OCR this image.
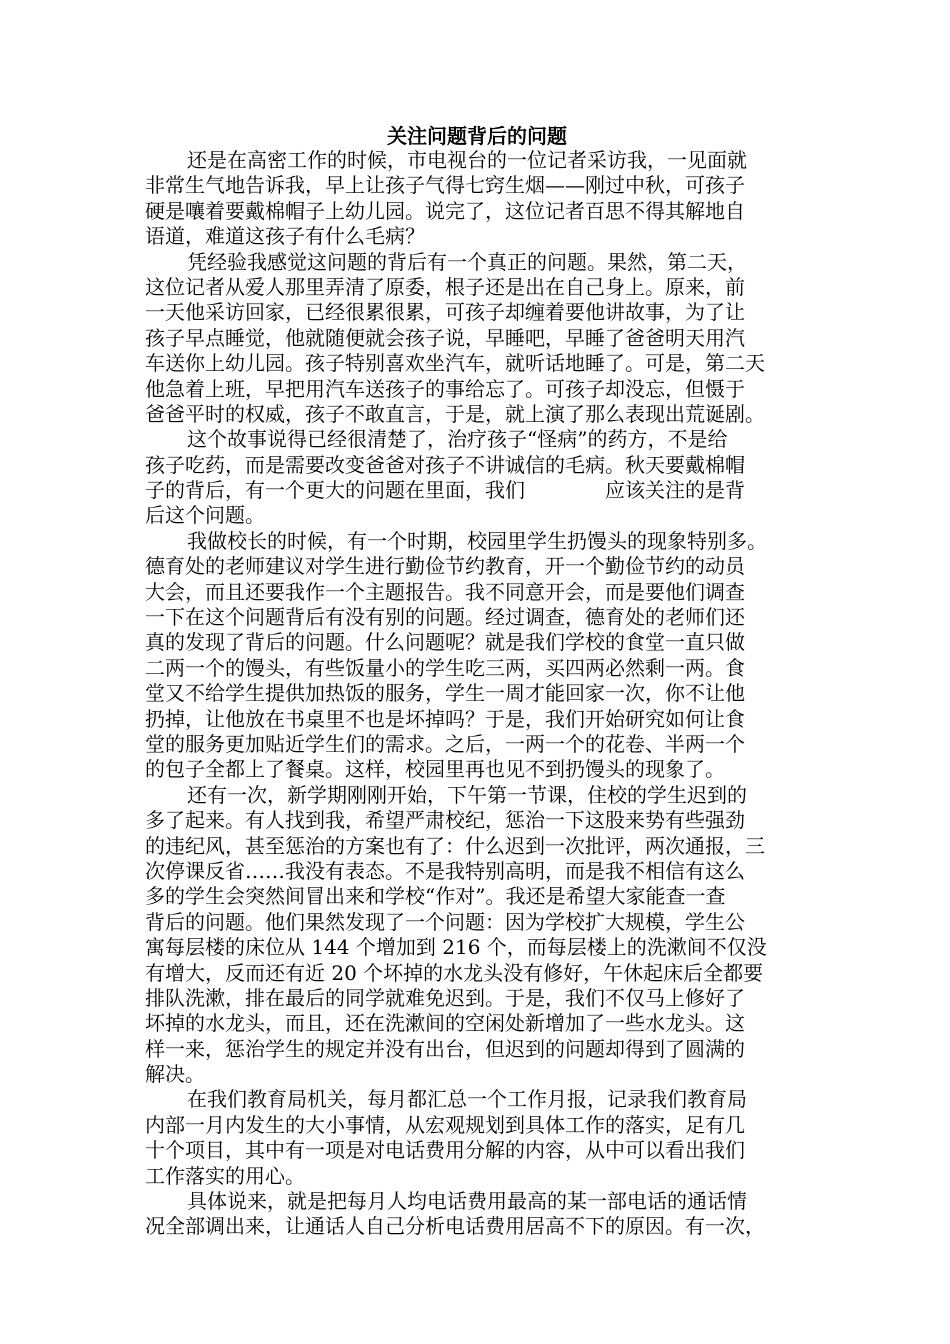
关注问题背后的问题
还是在高密工作的时候，市电视台的一位记者采访我，一见面就
非常生气地告诉我，早上让孩子气得七窍生烟——刚过中秋，可孩子
硬是嚷着要戴棉帽子上幼儿园。说完了，这位记者百思不得其解地自
语道，难道这孩子有什么毛病？
凭经验我感觉这问题的背后有一个真正的问题。果然，第二天，
这位记者从爱人那里弄清了原委，根子还是出在自己身上。原来，前
一天他采访回家，已经很累很累，可孩子却缠着要他讲故事，为了让
孩子早点睡觉，他就随便就会孩子说，早睡吧，早睡了爸爸明天用汽
车送你上幼儿园。孩子特别喜欢坐汽车，就听话地睡了。可是，第二天
他急着上班，早把用汽车送孩子的事给忘了。可孩子却没忘，但慑于
爸爸平时的权威，孩子不敢直言，于是，就上演了那么表现出荒诞剧。
这个故事说得已经很清楚了，治疗孩子“怪病”的药方，不是给
孩子吃药，而是需要改变爸爸对孩子不讲诚信的毛病。秋天要戴棉帽
子的背后，有一个更大的问题在里面，我们　　　　应该关注的是背
后这个问题。
我做校长的时候，有一个时期，校园里学生扔馒头的现象特别多。
德育处的老师建议对学生进行勤俭节约教育，开一个勤俭节约的动员
大会，而且还要我作一个主题报告。我不同意开会，而是要他们调查
一下在这个问题背后有没有别的问题。经过调查，德育处的老师们还
真的发现了背后的问题。什么问题呢？就是我们学校的食堂一直只做
二两一个的馒头，有些饭量小的学生吃三两，买四两必然剩一两。食
堂又不给学生提供加热饭的服务，学生一周才能回家一次，你不让他
扔掉，让他放在书桌里不也是坏掉吗？于是，我们开始研究如何让食
堂的服务更加贴近学生们的需求。之后，一两一个的花卷、半两一个
的包子全都上了餐桌。这样，校园里再也见不到扔馒头的现象了。
还有一次，新学期刚刚开始，下午第一节课，住校的学生迟到的
多了起来。有人找到我，希望严肃校纪，惩治一下这股来势有些强劲
的违纪风，甚至惩治的方案也有了：什么迟到一次批评，两次通报，三
次停课反省……我没有表态。不是我特别高明，而是我不相信有这么
多的学生会突然间冒出来和学校“作对”。我还是希望大家能查一查
背后的问题。他们果然发现了一个问题：因为学校扩大规模，学生公
寓每层楼的床位从 144 个增加到 216 个，而每层楼上的洗漱间不仅没
有增大，反而还有近 20 个坏掉的水龙头没有修好，午休起床后全都要
排队洗漱，排在最后的同学就难免迟到。于是，我们不仅马上修好了
坏掉的水龙头，而且，还在洗漱间的空闲处新增加了一些水龙头。这
样一来，惩治学生的规定并没有出台，但迟到的问题却得到了圆满的
解决。
在我们教育局机关，每月都汇总一个工作月报，记录我们教育局
内部一月内发生的大小事情，从宏观规划到具体工作的落实，足有几
十个项目，其中有一项是对电话费用分解的内容，从中可以看出我们
工作落实的用心。
具体说来，就是把每月人均电话费用最高的某一部电话的通话情
况全部调出来，让通话人自己分析电话费用居高不下的原因。有一次，
